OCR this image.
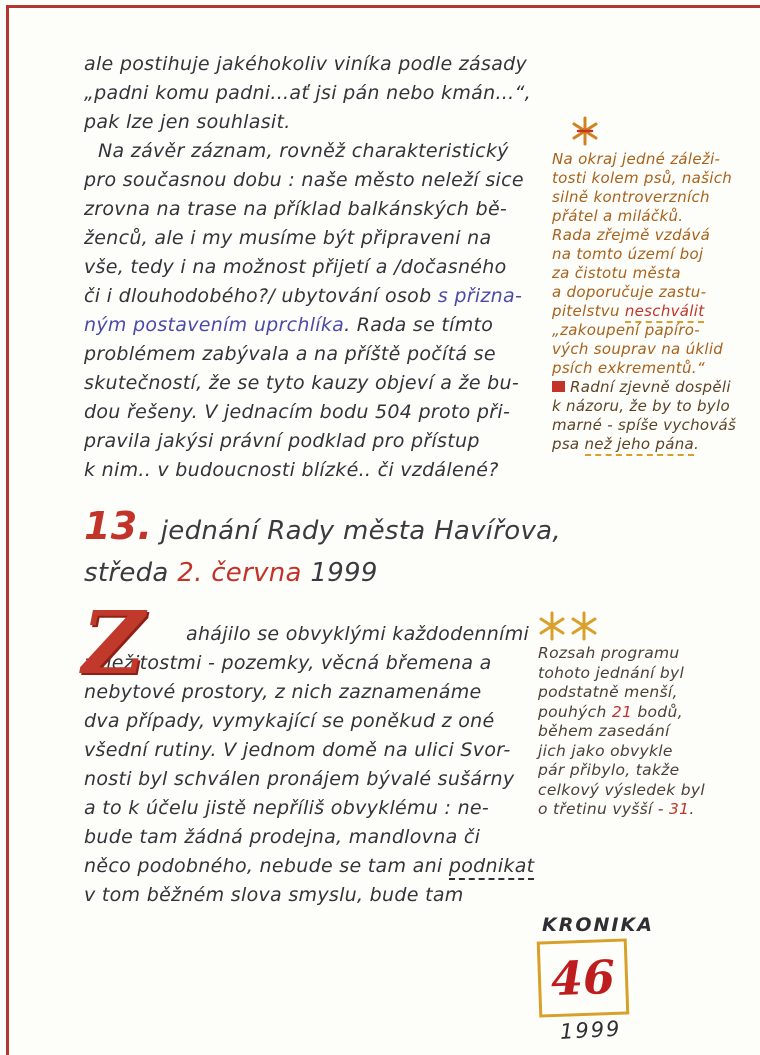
ale postihuje jakéhokoliv viníka podle zásady
„padni komu padni...ať jsi pán nebo kmán...“,
pak lze jen souhlasit.
Na závěr záznam, rovněž charakteristický
pro současnou dobu : naše město neleží sice
zrovna na trase na příklad balkánských bě-
ženců, ale i my musíme být připraveni na
vše, tedy i na možnost přijetí a /dočasného
či i dlouhodobého?/ ubytování osob s přizna-
ným postavením uprchlíka. Rada se tímto
problémem zabývala a na příště počítá se
skutečností, že se tyto kauzy objeví a že bu-
dou řešeny. V jednacím bodu 504 proto při-
pravila jakýsi právní podklad pro přístup
k nim.. v budoucnosti blízké.. či vzdálené?
13. jednání Rady města Havířova,
středa 2. června 1999
Z	ahájilo se obvyklými každodenními
záležitostmi - pozemky, věcná břemena a
nebytové prostory, z nich zaznamenáme
dva případy, vymykající se poněkud z oné
všední rutiny. V jednom domě na ulici Svor-
nosti byl schválen pronájem bývalé sušárny
a to k účelu jistě nepříliš obvyklému : ne-
bude tam žádná prodejna, mandlovna či
něco podobného, nebude se tam ani podnikat
v tom běžném slova smyslu, bude tam
Na okraj jedné záleži-
tosti kolem psů, našich
silně kontroverzních
přátel a miláčků.
Rada zřejmě vzdává
na tomto území boj
za čistotu města
a doporučuje zastu-
pitelstvu neschválit
„zakoupení papíro-
vých souprav na úklid
psích exkrementů.“
Radní zjevně dospěli
k názoru, že by to bylo
marné - spíše vychováš
psa než jeho pána.
Rozsah programu
tohoto jednání byl
podstatně menší,
pouhých 21 bodů,
během zasedání
jich jako obvykle
pár přibylo, takže
celkový výsledek byl
o třetinu vyšší - 31.
KRONIKA
46
1999
